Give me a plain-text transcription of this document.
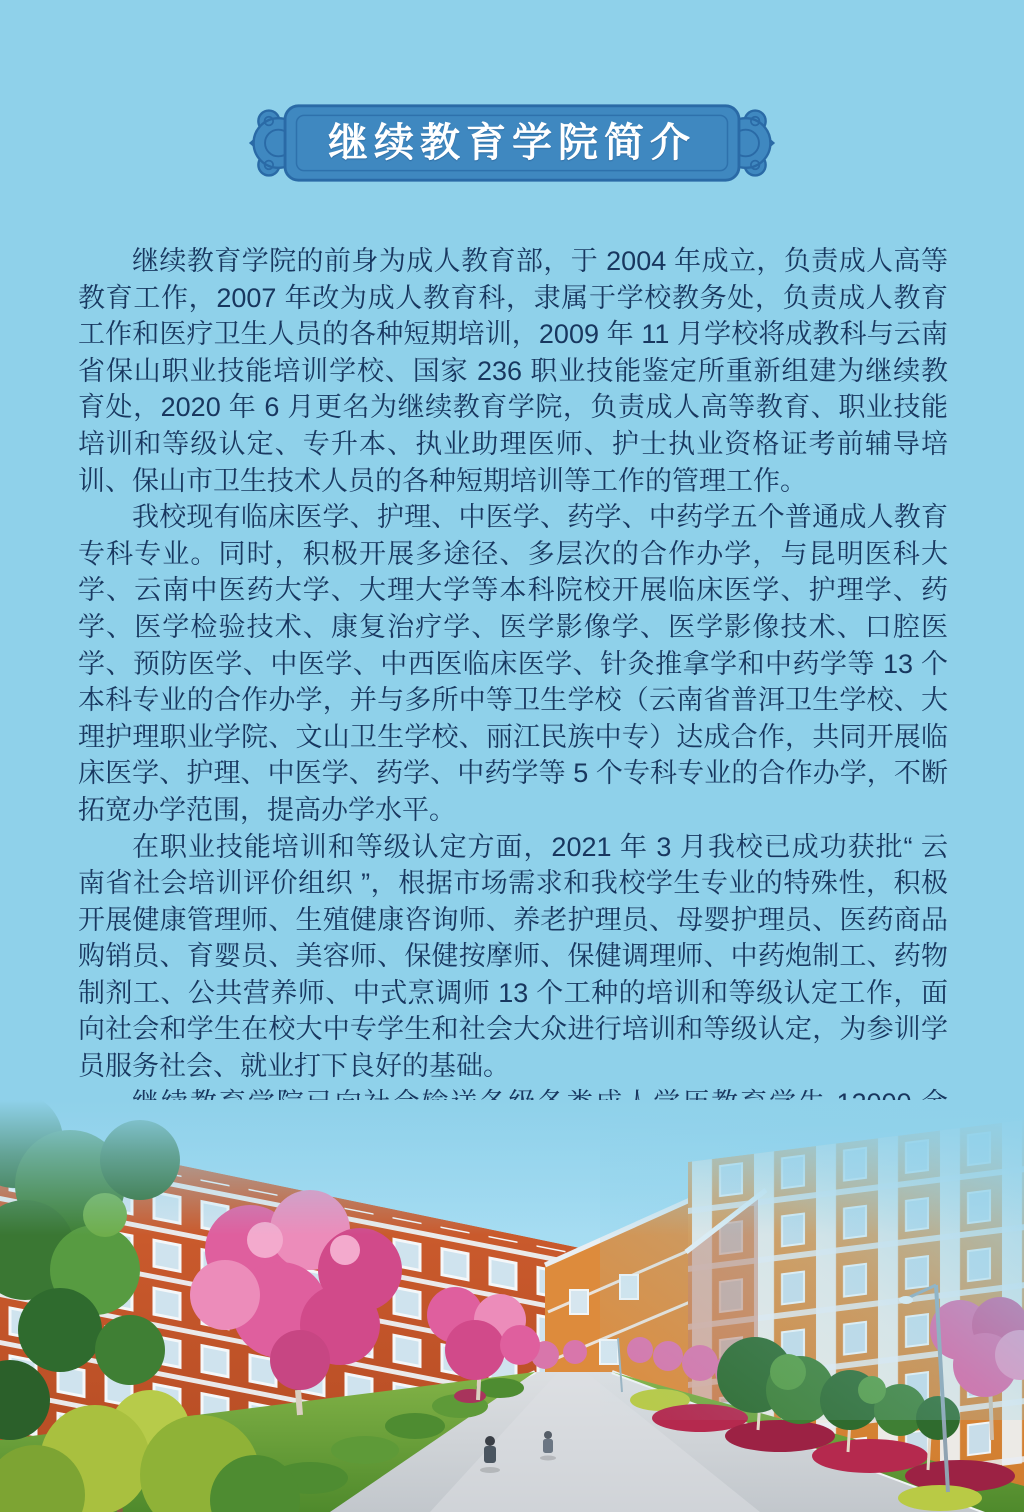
继续教育学院简介

继续教育学院的前身为成人教育部，于 2004 年成立，负责成人高等教育工作，2007 年改为成人教育科，隶属于学校教务处，负责成人教育工作和医疗卫生人员的各种短期培训，2009 年 11 月学校将成教科与云南省保山职业技能培训学校、国家 236 职业技能鉴定所重新组建为继续教育处，2020 年 6 月更名为继续教育学院，负责成人高等教育、职业技能培训和等级认定、专升本、执业助理医师、护士执业资格证考前辅导培训、保山市卫生技术人员的各种短期培训等工作的管理工作。

我校现有临床医学、护理、中医学、药学、中药学五个普通成人教育专科专业。同时，积极开展多途径、多层次的合作办学，与昆明医科大学、云南中医药大学、大理大学等本科院校开展临床医学、护理学、药学、医学检验技术、康复治疗学、医学影像学、医学影像技术、口腔医学、预防医学、中医学、中西医临床医学、针灸推拿学和中药学等 13 个本科专业的合作办学，并与多所中等卫生学校（云南省普洱卫生学校、大理护理职业学院、文山卫生学校、丽江民族中专）达成合作，共同开展临床医学、护理、中医学、药学、中药学等 5 个专科专业的合作办学，不断拓宽办学范围，提高办学水平。

在职业技能培训和等级认定方面，2021 年 3 月我校已成功获批“ 云南省社会培训评价组织 ”，根据市场需求和我校学生专业的特殊性，积极开展健康管理师、生殖健康咨询师、养老护理员、母婴护理员、医药商品购销员、育婴员、美容师、保健按摩师、保健调理师、中药炮制工、药物制剂工、公共营养师、中式烹调师 13 个工种的培训和等级认定工作，面向社会和学生在校大中专学生和社会大众进行培训和等级认定，为参训学员服务社会、就业打下良好的基础。
